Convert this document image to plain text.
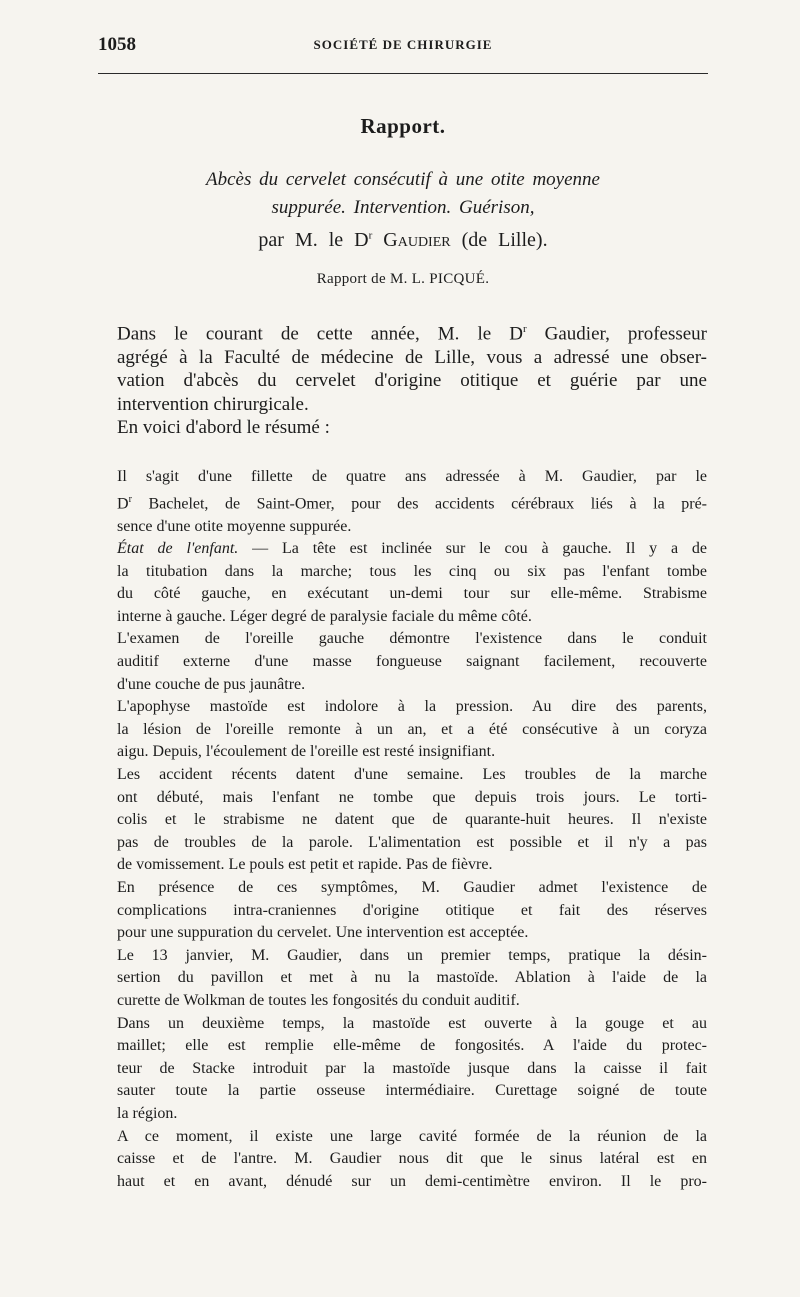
1058	SOCIÉTÉ DE CHIRURGIE
Rapport.
Abcès du cervelet consécutif à une otite moyenne
suppurée. Intervention. Guérison,
par M. le $D^r$ Gaudier (de Lille).
Rapport de M. L. PICQUÉ.
Dans le courant de cette année, M. le $D^r$ Gaudier, professeur
agrégé à la Faculté de médecine de Lille, vous a adressé une obser-
vation d'abcès du cervelet d'origine otitique et guérie par une
intervention chirurgicale.
En voici d'abord le résumé :
Il s'agit d'une fillette de quatre ans adressée à M. Gaudier, par le
$D^r$ Bachelet, de Saint-Omer, pour des accidents cérébraux liés à la pré-
sence d'une otite moyenne suppurée.
État de l'enfant. — La tête est inclinée sur le cou à gauche. Il y a de
la titubation dans la marche; tous les cinq ou six pas l'enfant tombe
du côté gauche, en exécutant un-demi tour sur elle-même. Strabisme
interne à gauche. Léger degré de paralysie faciale du même côté.
L'examen de l'oreille gauche démontre l'existence dans le conduit
auditif externe d'une masse fongueuse saignant facilement, recouverte
d'une couche de pus jaunâtre.
L'apophyse mastoïde est indolore à la pression. Au dire des parents,
la lésion de l'oreille remonte à un an, et a été consécutive à un coryza
aigu. Depuis, l'écoulement de l'oreille est resté insignifiant.
Les accident récents datent d'une semaine. Les troubles de la marche
ont débuté, mais l'enfant ne tombe que depuis trois jours. Le torti-
colis et le strabisme ne datent que de quarante-huit heures. Il n'existe
pas de troubles de la parole. L'alimentation est possible et il n'y a pas
de vomissement. Le pouls est petit et rapide. Pas de fièvre.
En présence de ces symptômes, M. Gaudier admet l'existence de
complications intra-craniennes d'origine otitique et fait des réserves
pour une suppuration du cervelet. Une intervention est acceptée.
Le 13 janvier, M. Gaudier, dans un premier temps, pratique la désin-
sertion du pavillon et met à nu la mastoïde. Ablation à l'aide de la
curette de Wolkman de toutes les fongosités du conduit auditif.
Dans un deuxième temps, la mastoïde est ouverte à la gouge et au
maillet; elle est remplie elle-même de fongosités. A l'aide du protec-
teur de Stacke introduit par la mastoïde jusque dans la caisse il fait
sauter toute la partie osseuse intermédiaire. Curettage soigné de toute
la région.
A ce moment, il existe une large cavité formée de la réunion de la
caisse et de l'antre. M. Gaudier nous dit que le sinus latéral est en
haut et en avant, dénudé sur un demi-centimètre environ. Il le pro-
